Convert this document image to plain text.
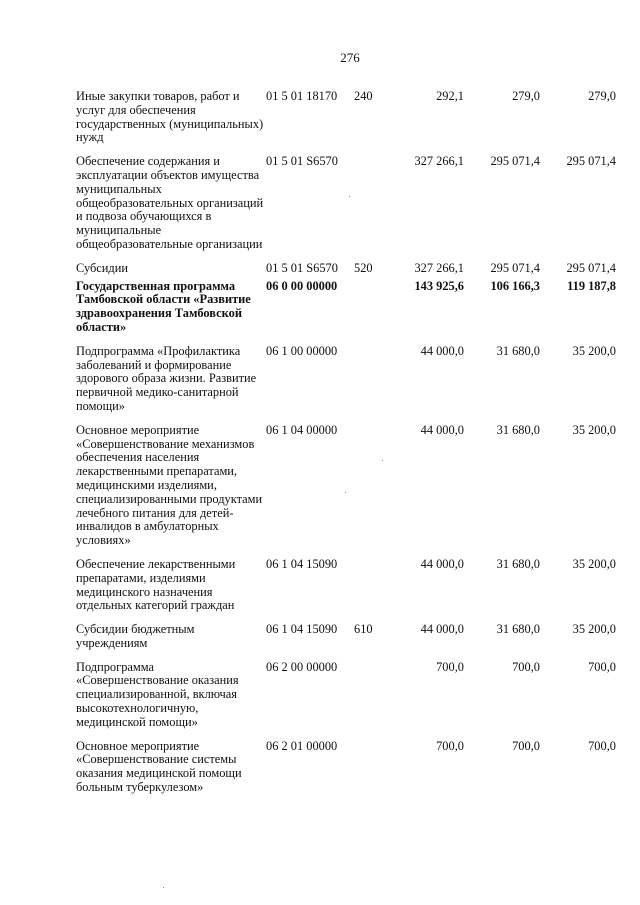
276
Иные закупки товаров, работ и услуг для обеспечения государственных (муниципальных) нужд	01 5 01 18170	240	292,1	279,0	279,0
Обеспечение содержания и эксплуатации объектов имущества муниципальных общеобразовательных организаций и подвоза обучающихся в муниципальные общеобразовательные организации	01 5 01 S6570		327 266,1	295 071,4	295 071,4
Субсидии	01 5 01 S6570	520	327 266,1	295 071,4	295 071,4
Государственная программа Тамбовской области «Развитие здравоохранения Тамбовской области»	06 0 00 00000		143 925,6	106 166,3	119 187,8
Подпрограмма «Профилактика заболеваний и формирование здорового образа жизни. Развитие первичной медико-санитарной помощи»	06 1 00 00000		44 000,0	31 680,0	35 200,0
Основное мероприятие «Совершенствование механизмов обеспечения населения лекарственными препаратами, медицинскими изделиями, специализированными продуктами лечебного питания для детей-инвалидов в амбулаторных условиях»	06 1 04 00000		44 000,0	31 680,0	35 200,0
Обеспечение лекарственными препаратами, изделиями медицинского назначения отдельных категорий граждан	06 1 04 15090		44 000,0	31 680,0	35 200,0
Субсидии бюджетным учреждениям	06 1 04 15090	610	44 000,0	31 680,0	35 200,0
Подпрограмма «Совершенствование оказания специализированной, включая высокотехнологичную, медицинской помощи»	06 2 00 00000		700,0	700,0	700,0
Основное мероприятие «Совершенствование системы оказания медицинской помощи больным туберкулезом»	06 2 01 00000		700,0	700,0	700,0
